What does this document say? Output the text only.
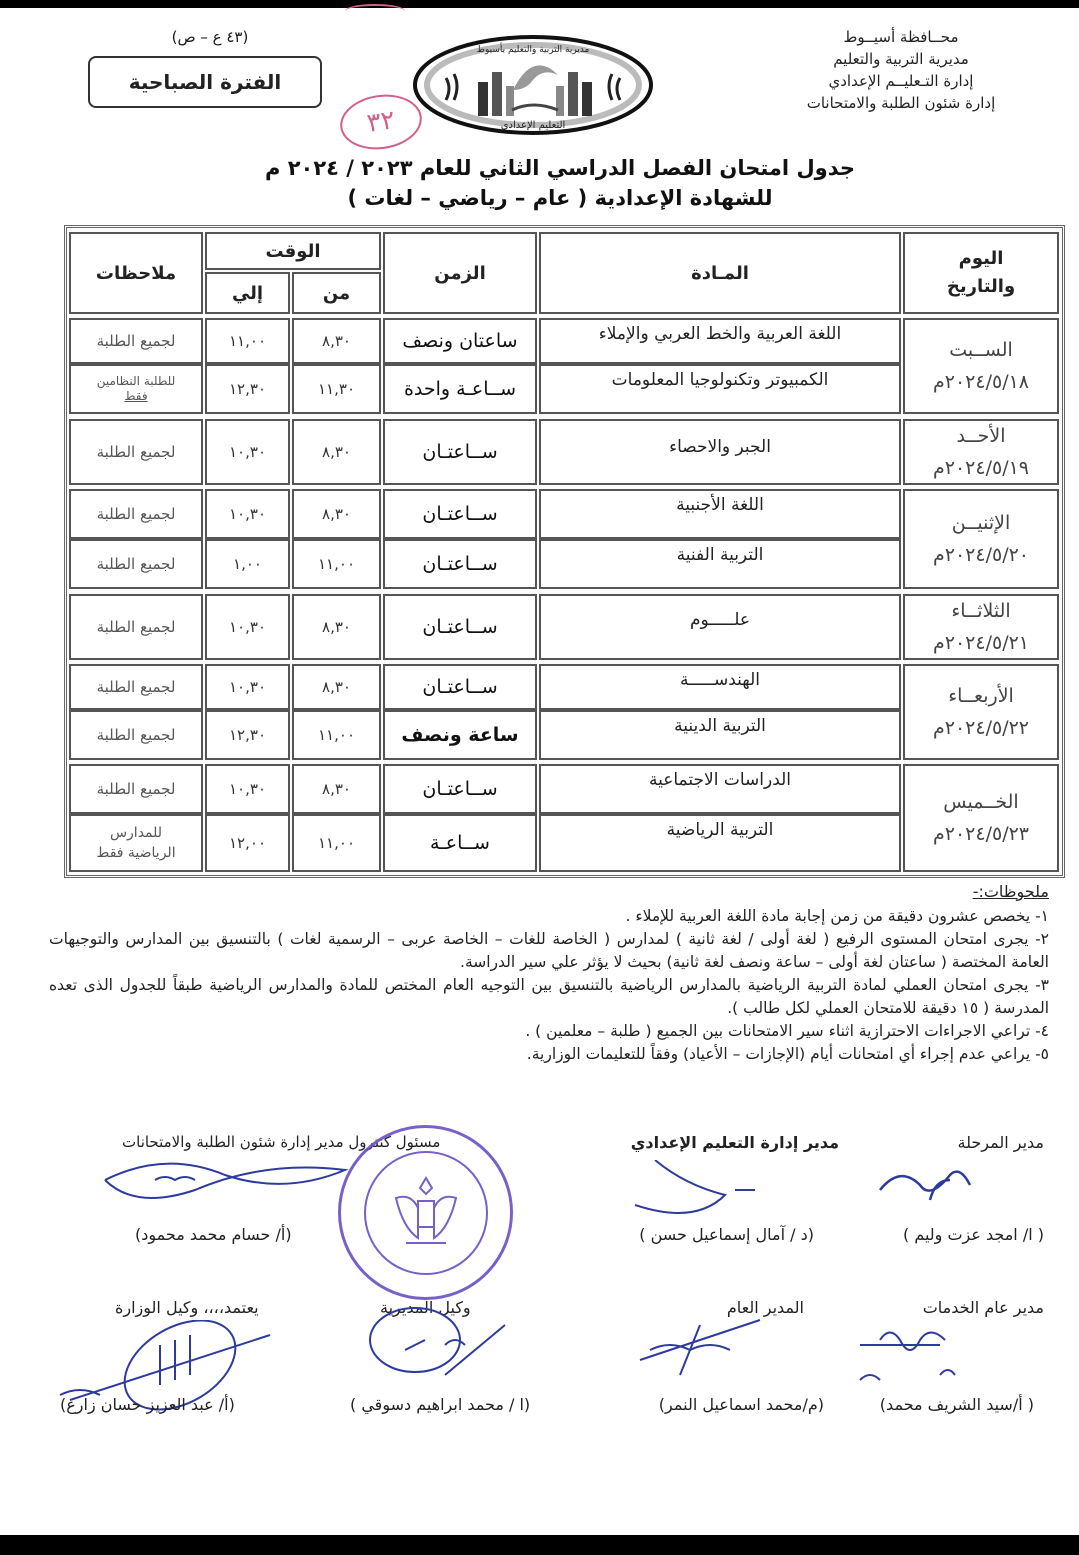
محــافظة أسيــوط
مديرية التربية والتعليم
إدارة التـعليــم الإعدادي
إدارة شئون الطلبة والامتحانات
التعليم الإعدادي
مديرية التربية والتعليم بأسيوط
(٤٣ ع – ص)
الفترة الصباحية
٣٢
جدول امتحان الفصل الدراسي الثاني للعام ٢٠٢٣ / ٢٠٢٤ م
للشهادة الإعدادية ( عام – رياضي – لغات )
اليوم
والتاريخ
المـادة
الزمن
الوقت
من
إلي
ملاحظات
الســبت
٢٠٢٤/٥/١٨م
اللغة العربية والخط العربي والإملاء
ساعتان ونصف
٨,٣٠
١١,٠٠
لجميع الطلبة
الكمبيوتر وتكنولوجيا المعلومات
ســاعـة واحدة
١١,٣٠
١٢,٣٠
للطلبة النظامين
فقط
الأحــد
٢٠٢٤/٥/١٩م
الجبر والاحصاء
ســاعتـان
٨,٣٠
١٠,٣٠
لجميع الطلبة
الإثنيــن
٢٠٢٤/٥/٢٠م
اللغة الأجنبية
ســاعتـان
٨,٣٠
١٠,٣٠
لجميع الطلبة
التربية الفنية
ســاعتـان
١١,٠٠
١,٠٠
لجميع الطلبة
الثلاثــاء
٢٠٢٤/٥/٢١م
علـــــوم
ســاعتـان
٨,٣٠
١٠,٣٠
لجميع الطلبة
الأربعــاء
٢٠٢٤/٥/٢٢م
الهندســـــة
ســاعتـان
٨,٣٠
١٠,٣٠
لجميع الطلبة
التربية الدينية
ساعة ونصف
١١,٠٠
١٢,٣٠
لجميع الطلبة
الخــميس
٢٠٢٤/٥/٢٣م
الدراسات الاجتماعية
ســاعتـان
٨,٣٠
١٠,٣٠
لجميع الطلبة
التربية الرياضية
ســاعـة
١١,٠٠
١٢,٠٠
للمدارس
الرياضية فقط
ملحوظات:-
١- يخصص عشرون دقيقة من زمن إجابة مادة اللغة العربية للإملاء .
٢- يجرى امتحان المستوى الرفيع ( لغة أولى / لغة ثانية ) لمدارس ( الخاصة للغات – الخاصة عربى – الرسمية لغات ) بالتنسيق بين المدارس والتوجيهات العامة المختصة ( ساعتان لغة أولى – ساعة ونصف لغة ثانية) بحيث لا يؤثر علي سير الدراسة.
٣- يجرى امتحان العملي لمادة التربية الرياضية بالمدارس الرياضية بالتنسيق بين التوجيه العام المختص للمادة والمدارس الرياضية طبقاً للجدول الذى تعده المدرسة ( ١٥ دقيقة للامتحان العملي لكل طالب ).
٤- تراعي الاجراءات الاحترازية اثناء سير الامتحانات بين الجميع ( طلبة – معلمين ) .
٥- يراعي عدم إجراء أي امتحانات أيام (الإجازات – الأعياد) وفقاً للتعليمات الوزارية.
مدير المرحلة
مدير إدارة التعليم الإعدادي
مسئول كنترول مدير إدارة شئون الطلبة والامتحانات
( ا/ امجد عزت وليم )
(د / آمال إسماعيل حسن )
(أ/ حسام محمد محمود)
مدير عام الخدمات
المدير العام
وكيل المديرية
يعتمد،،،، وكيل الوزارة
( أ/سيد الشريف محمد)
(م/محمد اسماعيل النمر)
(ا / محمد ابراهيم دسوقي )
(أ/ عبد العزيز حسان زارع)
